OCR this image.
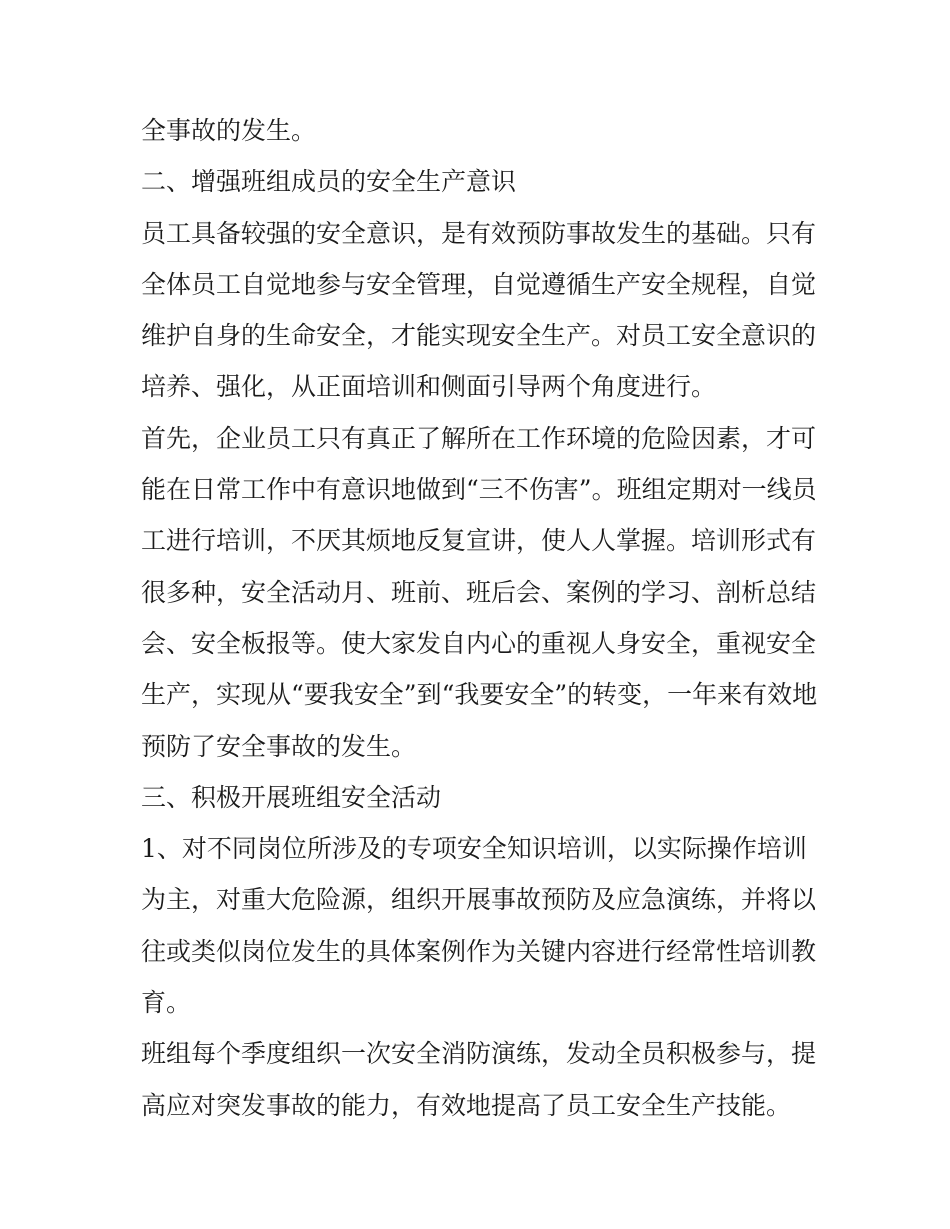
全事故的发生。
二、增强班组成员的安全生产意识
员工具备较强的安全意识，是有效预防事故发生的基础。只有
全体员工自觉地参与安全管理，自觉遵循生产安全规程，自觉
维护自身的生命安全，才能实现安全生产。对员工安全意识的
培养、强化，从正面培训和侧面引导两个角度进行。
首先，企业员工只有真正了解所在工作环境的危险因素，才可
能在日常工作中有意识地做到“三不伤害”。班组定期对一线员
工进行培训，不厌其烦地反复宣讲，使人人掌握。培训形式有
很多种，安全活动月、班前、班后会、案例的学习、剖析总结
会、安全板报等。使大家发自内心的重视人身安全，重视安全
生产，实现从“要我安全”到“我要安全”的转变，一年来有效地
预防了安全事故的发生。
三、积极开展班组安全活动
1、对不同岗位所涉及的专项安全知识培训，以实际操作培训
为主，对重大危险源，组织开展事故预防及应急演练，并将以
往或类似岗位发生的具体案例作为关键内容进行经常性培训教
育。
班组每个季度组织一次安全消防演练，发动全员积极参与，提
高应对突发事故的能力，有效地提高了员工安全生产技能。
